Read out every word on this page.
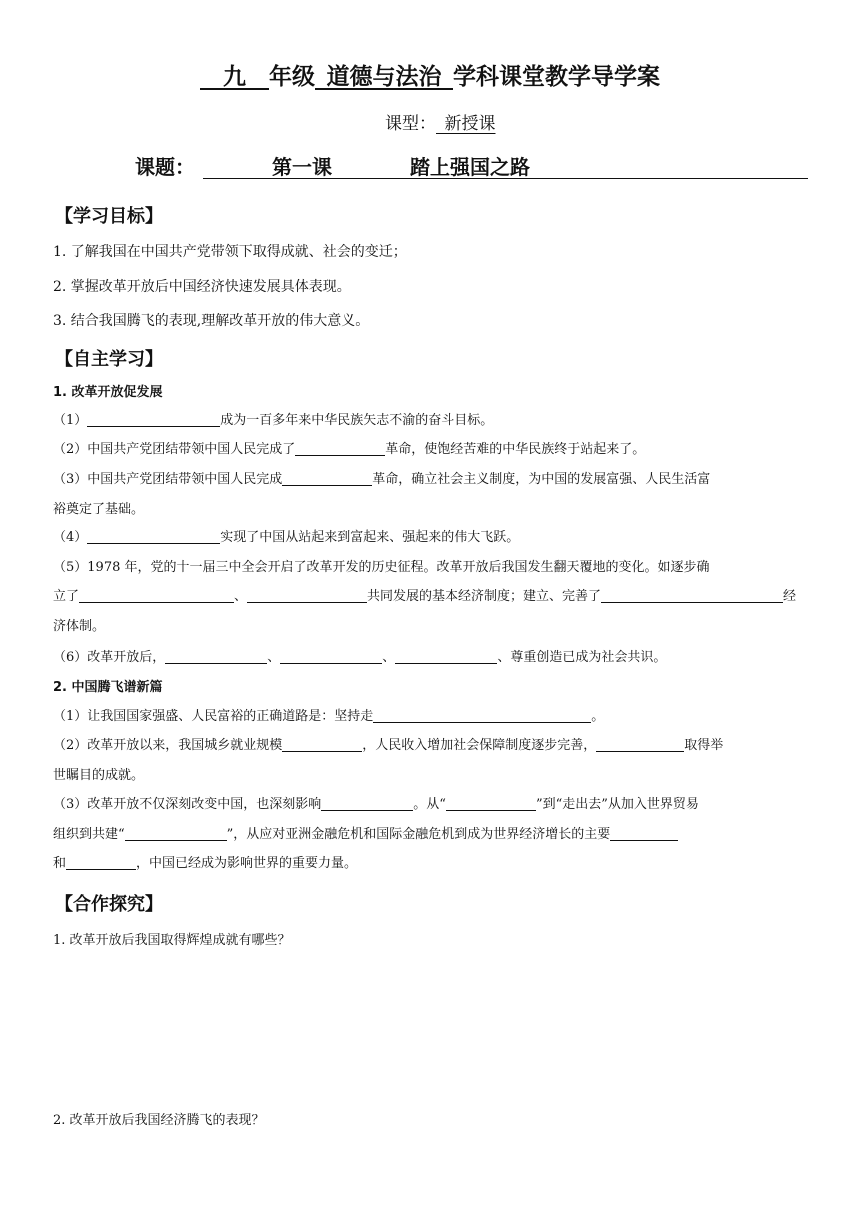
 九  年级  道德与法治  学科课堂教学导学案
课型：  新授课
课题：	第一课	踏上强国之路
【学习目标】
1. 了解我国在中国共产党带领下取得成就、社会的变迁；
2. 掌握改革开放后中国经济快速发展具体表现。
3. 结合我国腾飞的表现,理解改革开放的伟大意义。
【自主学习】
1. 改革开放促发展
（1）	成为一百多年来中华民族矢志不渝的奋斗目标。
（2）中国共产党团结带领中国人民完成了	革命，使饱经苦难的中华民族终于站起来了。
（3）中国共产党团结带领中国人民完成	革命，确立社会主义制度，为中国的发展富强、人民生活富
裕奠定了基础。
（4）	实现了中国从站起来到富起来、强起来的伟大飞跃。
（5）1978 年，党的十一届三中全会开启了改革开发的历史征程。改革开放后我国发生翻天覆地的变化。如逐步确
立了	、	共同发展的基本经济制度；建立、完善了	经
济体制。
（6）改革开放后，	、	、	、尊重创造已成为社会共识。
2. 中国腾飞谱新篇
（1）让我国国家强盛、人民富裕的正确道路是：坚持走	。
（2）改革开放以来，我国城乡就业规模	，人民收入增加社会保障制度逐步完善，	取得举
世瞩目的成就。
（3）改革开放不仅深刻改变中国，也深刻影响	。从“	”到“走出去”从加入世界贸易
组织到共建“	”，从应对亚洲金融危机和国际金融危机到成为世界经济增长的主要
和	，中国已经成为影响世界的重要力量。
【合作探究】
1. 改革开放后我国取得辉煌成就有哪些？
2. 改革开放后我国经济腾飞的表现？
